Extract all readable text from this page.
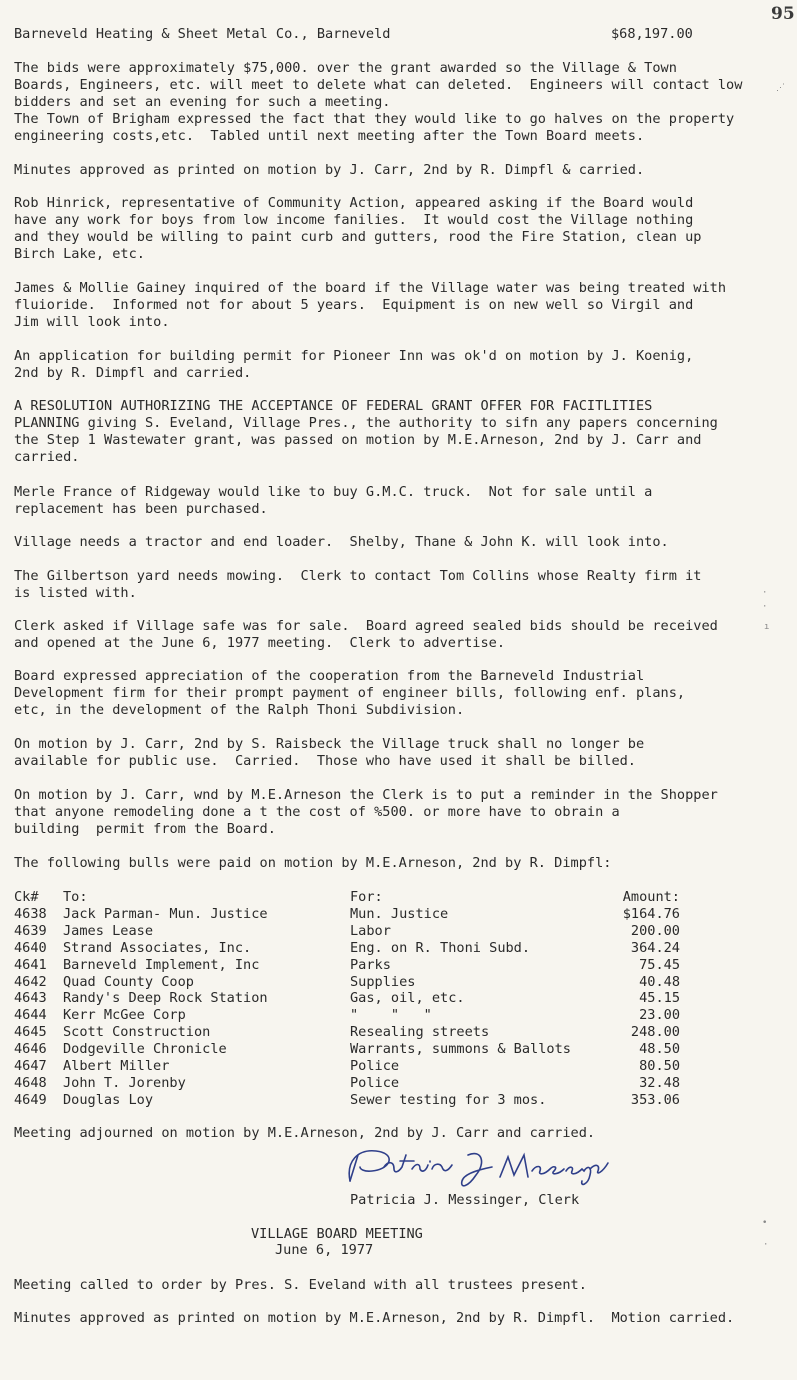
95
Barneveld Heating & Sheet Metal Co., Barneveld	$68,197.00
The bids were approximately $75,000. over the grant awarded so the Village & Town
Boards, Engineers, etc. will meet to delete what can deleted.  Engineers will contact low
bidders and set an evening for such a meeting.
The Town of Brigham expressed the fact that they would like to go halves on the property
engineering costs,etc.  Tabled until next meeting after the Town Board meets.
Minutes approved as printed on motion by J. Carr, 2nd by R. Dimpfl & carried.
Rob Hinrick, representative of Community Action, appeared asking if the Board would
have any work for boys from low income fanilies.  It would cost the Village nothing
and they would be willing to paint curb and gutters, rood the Fire Station, clean up
Birch Lake, etc.
James & Mollie Gainey inquired of the board if the Village water was being treated with
fluioride.  Informed not for about 5 years.  Equipment is on new well so Virgil and
Jim will look into.
An application for building permit for Pioneer Inn was ok'd on motion by J. Koenig,
2nd by R. Dimpfl and carried.
A RESOLUTION AUTHORIZING THE ACCEPTANCE OF FEDERAL GRANT OFFER FOR FACITLITIES
PLANNING giving S. Eveland, Village Pres., the authority to sifn any papers concerning
the Step 1 Wastewater grant, was passed on motion by M.E.Arneson, 2nd by J. Carr and
carried.
Merle France of Ridgeway would like to buy G.M.C. truck.  Not for sale until a
replacement has been purchased.
Village needs a tractor and end loader.  Shelby, Thane & John K. will look into.
The Gilbertson yard needs mowing.  Clerk to contact Tom Collins whose Realty firm it
is listed with.
Clerk asked if Village safe was for sale.  Board agreed sealed bids should be received
and opened at the June 6, 1977 meeting.  Clerk to advertise.
Board expressed appreciation of the cooperation from the Barneveld Industrial
Development firm for their prompt payment of engineer bills, following enf. plans,
etc, in the development of the Ralph Thoni Subdivision.
On motion by J. Carr, 2nd by S. Raisbeck the Village truck shall no longer be
available for public use.  Carried.  Those who have used it shall be billed.
On motion by J. Carr, wnd by M.E.Arneson the Clerk is to put a reminder in the Shopper
that anyone remodeling done a t the cost of %500. or more have to obrain a
building  permit from the Board.
The following bulls were paid on motion by M.E.Arneson, 2nd by R. Dimpfl:
Ck# To:	For:	Amount:
4638 Jack Parman- Mun. Justice	Mun. Justice	$164.76
4639 James Lease	Labor	200.00
4640 Strand Associates, Inc.	Eng. on R. Thoni Subd.	364.24
4641 Barneveld Implement, Inc	Parks	75.45
4642 Quad County Coop	Supplies	40.48
4643 Randy's Deep Rock Station	Gas, oil, etc.	45.15
4644 Kerr McGee Corp	"    "   "	23.00
4645 Scott Construction	Resealing streets	248.00
4646 Dodgeville Chronicle	Warrants, summons & Ballots	48.50
4647 Albert Miller	Police	80.50
4648 John T. Jorenby	Police	32.48
4649 Douglas Loy	Sewer testing for 3 mos.	353.06
Meeting adjourned on motion by M.E.Arneson, 2nd by J. Carr and carried.
Patricia J. Messinger, Clerk
VILLAGE BOARD MEETING
June 6, 1977
Meeting called to order by Pres. S. Eveland with all trustees present.
Minutes approved as printed on motion by M.E.Arneson, 2nd by R. Dimpfl.  Motion carried.
⋰
·
·
ı
•
·
